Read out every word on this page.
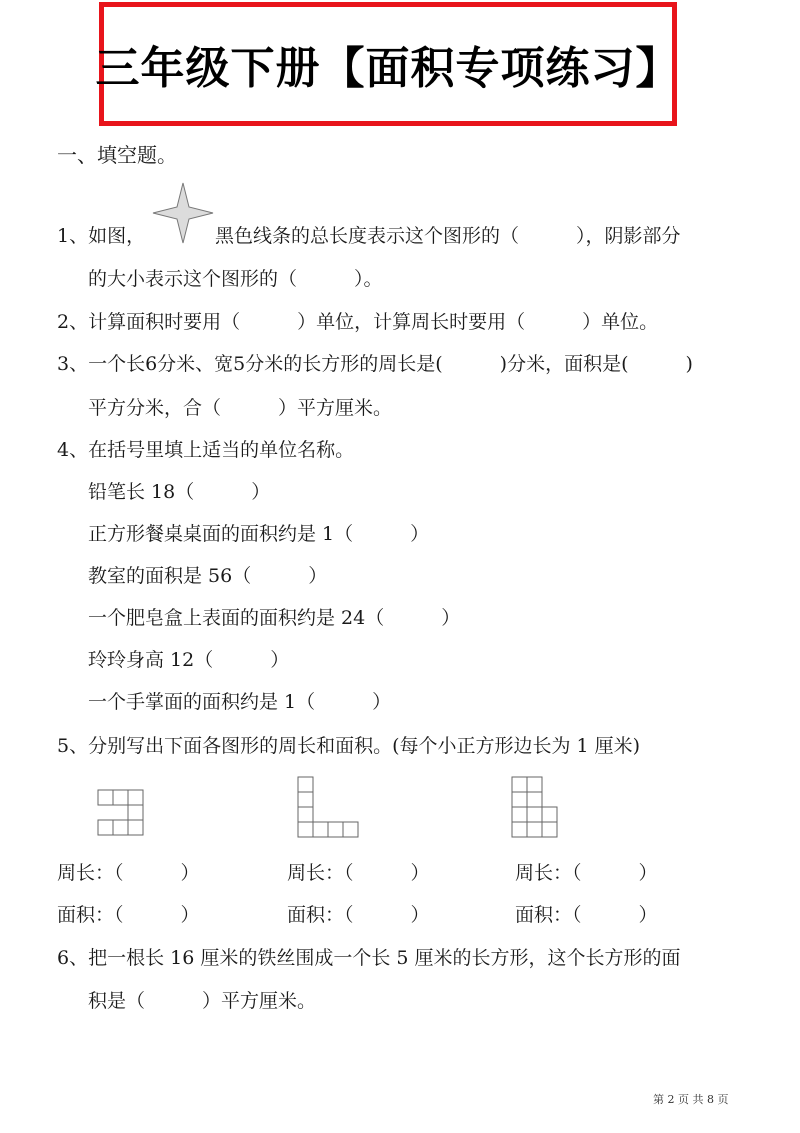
三年级下册【面积专项练习】
一、填空题。
1、如图，	黑色线条的总长度表示这个图形的（　　　），阴影部分
的大小表示这个图形的（　　　）。
2、计算面积时要用（　　　）单位，计算周长时要用（　　　）单位。
3、一个长6分米、宽5分米的长方形的周长是(　　　)分米，面积是(　　　)
平方分米，合（　　　）平方厘米。
4、在括号里填上适当的单位名称。
铅笔长 18（　　　）
正方形餐桌桌面的面积约是 1（　　　）
教室的面积是 56（　　　）
一个肥皂盒上表面的面积约是 24（　　　）
玲玲身高 12（　　　）
一个手掌面的面积约是 1（　　　）
5、分别写出下面各图形的周长和面积。(每个小正方形边长为 1 厘米)
周长：（　　　）	周长：（　　　）	周长：（　　　）
面积：（　　　）	面积：（　　　）	面积：（　　　）
6、把一根长 16 厘米的铁丝围成一个长 5 厘米的长方形，这个长方形的面
积是（　　　）平方厘米。
第 2 页 共 8 页
